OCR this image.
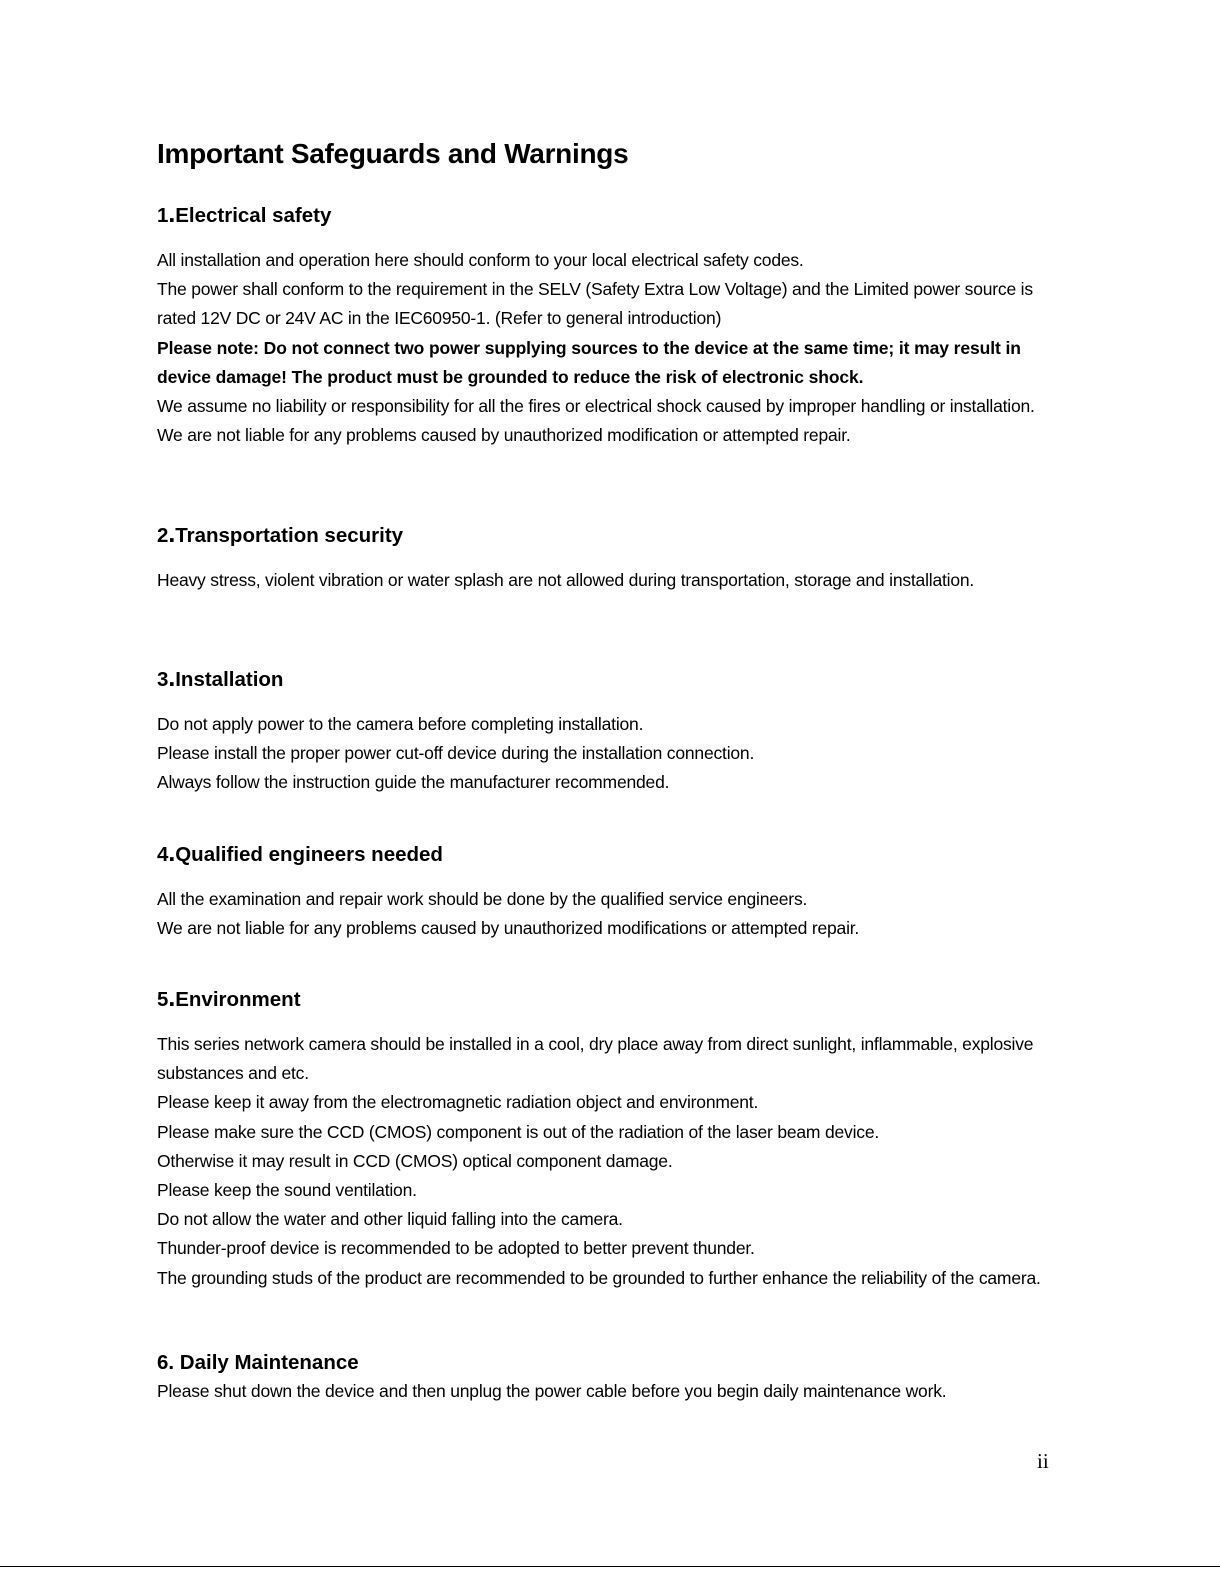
Important Safeguards and Warnings
1․Electrical safety

All installation and operation here should conform to your local electrical safety codes.

The power shall conform to the requirement in the SELV (Safety Extra Low Voltage) and the Limited power source is rated 12V DC or 24V AC in the IEC60950-1. (Refer to general introduction)

Please note: Do not connect two power supplying sources to the device at the same time; it may result in device damage! The product must be grounded to reduce the risk of electronic shock.

We assume no liability or responsibility for all the fires or electrical shock caused by improper handling or installation.

We are not liable for any problems caused by unauthorized modification or attempted repair.

2․Transportation security

Heavy stress, violent vibration or water splash are not allowed during transportation, storage and installation.

3․Installation

Do not apply power to the camera before completing installation.

Please install the proper power cut-off device during the installation connection.

Always follow the instruction guide the manufacturer recommended.

4․Qualified engineers needed

All the examination and repair work should be done by the qualified service engineers.

We are not liable for any problems caused by unauthorized modifications or attempted repair.

5․Environment

This series network camera should be installed in a cool, dry place away from direct sunlight, inflammable, explosive substances and etc.

Please keep it away from the electromagnetic radiation object and environment.

Please make sure the CCD (CMOS) component is out of the radiation of the laser beam device.

Otherwise it may result in CCD (CMOS) optical component damage.

Please keep the sound ventilation.

Do not allow the water and other liquid falling into the camera.

Thunder-proof device is recommended to be adopted to better prevent thunder.

The grounding studs of the product are recommended to be grounded to further enhance the reliability of the camera.

6. Daily Maintenance

Please shut down the device and then unplug the power cable before you begin daily maintenance work.

ii
